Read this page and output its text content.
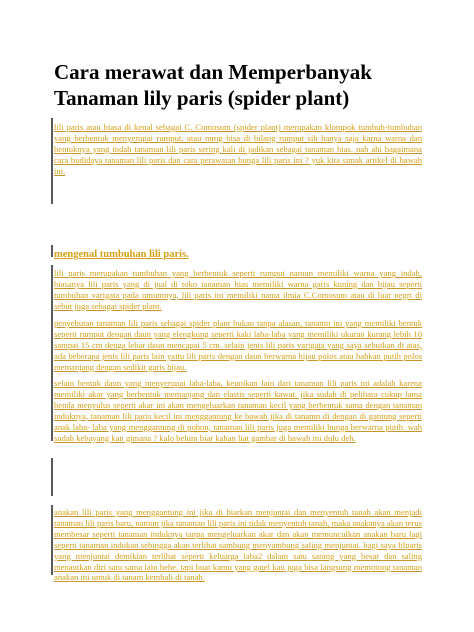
Cara merawat dan Memperbanyak Tanaman lily paris (spider plant)

lili paris atau biasa di kenal sebagai C. Comosum (spider plant) merupakan klompok tumbuh-tumbuhan yang berbentuk menyerupai rumput, atau mmg bisa di bilang rumput sih hanya saja karna warna dan bentuknya yang indah tanaman lili paris sering kali di jadikan sebagai tanaman hias. nah ahi bagaimana cara budidaya tanaman lili paris dan cara perawatan bunga lili paris ini ? yuk kita simak artikel di bawah ini.

mengenal tumbuhan lili paris.

lili paris merupakan tumbuhan yang berbentuk seperti rumput namun memiliki warna yang indah, biasanya lili paris yang di jual di toko tanaman hias memiliki warna garis kuning dan hijau seperti tumbuhan varigata pada umumnya, lili paris ini memiliki nama ilmia C.Comosum atau di luar negri di sebut juga sebagai spider plant.

penyebutan tanaman lili paris sebagai spider plant bukan tanpa alasan, tanamn ini yang memiliki bentuk seperti rumput dengan daun yang elengkung seperti kaki laba-laba yang memiliki ukuran kurang lebih 10 sampai 15 cm denga lebar daun mencapai 5 cm. selain jenis lili paris varigata yang saya sebutkan di atas, ada beberapa jenis lili paris lain yaitu lili paris dengan daun berwarna hijau polos atau bahkan putih polos memanjang dengan sedikit garis hijau.

selain bentuk daun yang menyerupai laba-laba, keunikan lain dari tanaman lili paris ini adalah karena memiliki akar yang berbentuk memanjang dan elastis seperti kawat. jika sudah di pelihara cukup lama benda menyulus seperti akar ini akan mengeluarkan tanaman kecil yang berbentuk sama dengan tanaman induknya, tanaman lili paris kecil ini menggantung ke bawah jika di tanamn di dengan di gantung seperti anak laba- laba yang menggantung di pohon, tanaman lili paris juga memiliki bunga berwarna putih. wah sudah kebayang kan gimana ? kalo belum biar kahan liat gambar di bawah ini dulu deh.

anakan lili paris yang menggantung ini jika di biarkan menjuntai dan menyentuh tanah akan menjadi tanaman lili paris baru, namun jika tanaman lili paris ini tidak menyentuh tanah, maka anakanya akan terus membesar seperti tanaman induknya tanpa mengeluarkan akar dan akan memunculkan anakan baru lagi seperti tanaman indukan sehingga akan terlihat sambung menyambung saling menjuntai. bagi saya lilparis yang menjuntai demikian terlihat seperti keluarga laba2 dalam satu sarang yang besar dan saling menautkan diri satu sama lain hehe. tapi buat kamu yang gatel kau juga bisa langsung memotong tanaman anakan ini untuk di tanam kembali di tanah.
